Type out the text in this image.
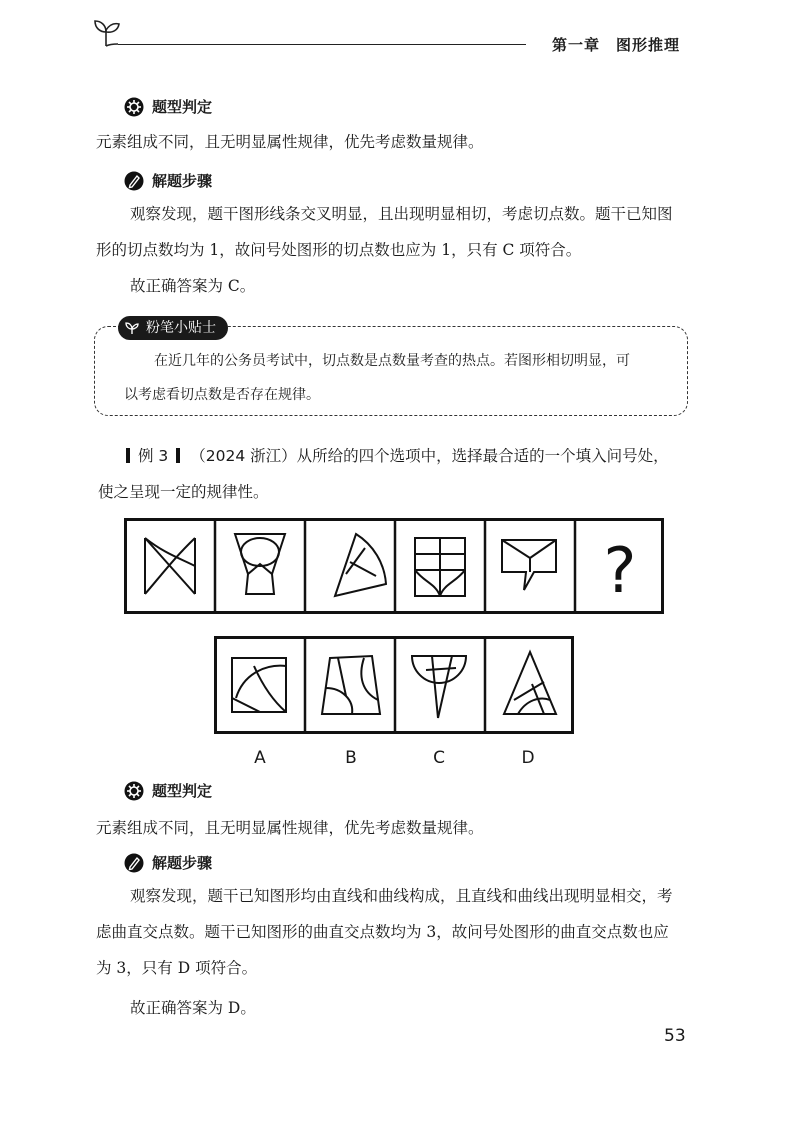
第一章 图形推理
题型判定
元素组成不同，且无明显属性规律，优先考虑数量规律。
解题步骤
观察发现，题干图形线条交叉明显，且出现明显相切，考虑切点数。题干已知图
形的切点数均为 1，故问号处图形的切点数也应为 1，只有 C 项符合。
故正确答案为 C。
粉笔小贴士
在近几年的公务员考试中，切点数是点数量考查的热点。若图形相切明显，可
以考虑看切点数是否存在规律。
例 3 （2024 浙江）从所给的四个选项中，选择最合适的一个填入问号处，
使之呈现一定的规律性。
?
A	B	C	D
题型判定
元素组成不同，且无明显属性规律，优先考虑数量规律。
解题步骤
观察发现，题干已知图形均由直线和曲线构成，且直线和曲线出现明显相交，考
虑曲直交点数。题干已知图形的曲直交点数均为 3，故问号处图形的曲直交点数也应
为 3，只有 D 项符合。
故正确答案为 D。
53
